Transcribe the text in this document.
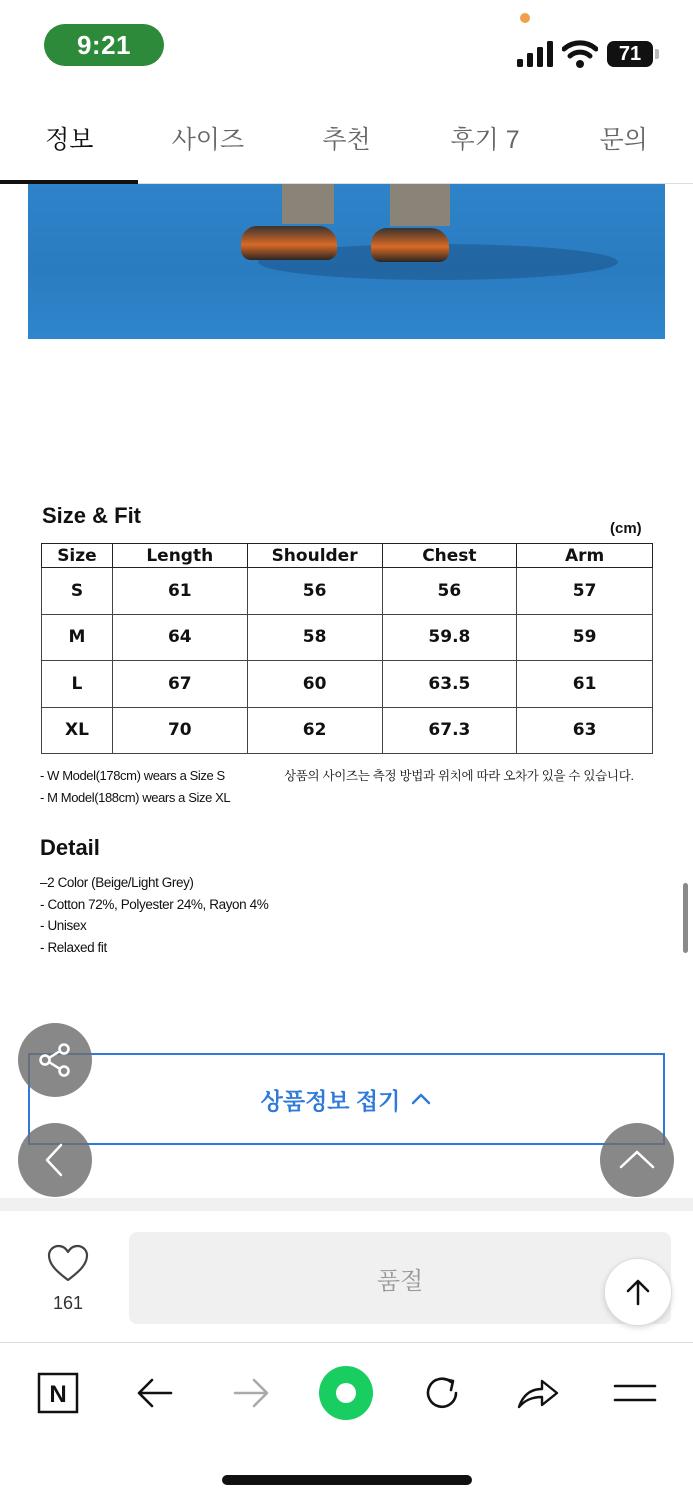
9:21	71
정보	사이즈	추천	후기 7	문의
Size & Fit
(cm)
Size	Length	Shoulder	Chest	Arm
S	61	56	56	57
M	64	58	59.8	59
L	67	60	63.5	61
XL	70	62	67.3	63
- W Model(178cm) wears a Size S
- M Model(188cm) wears a Size XL
상품의 사이즈는 측정 방법과 위치에 따라 오차가 있을 수 있습니다.
Detail
–2 Color (Beige/Light Grey)
- Cotton 72%, Polyester 24%, Rayon 4%
- Unisex
- Relaxed fit
상품정보 접기
161
품절
N
